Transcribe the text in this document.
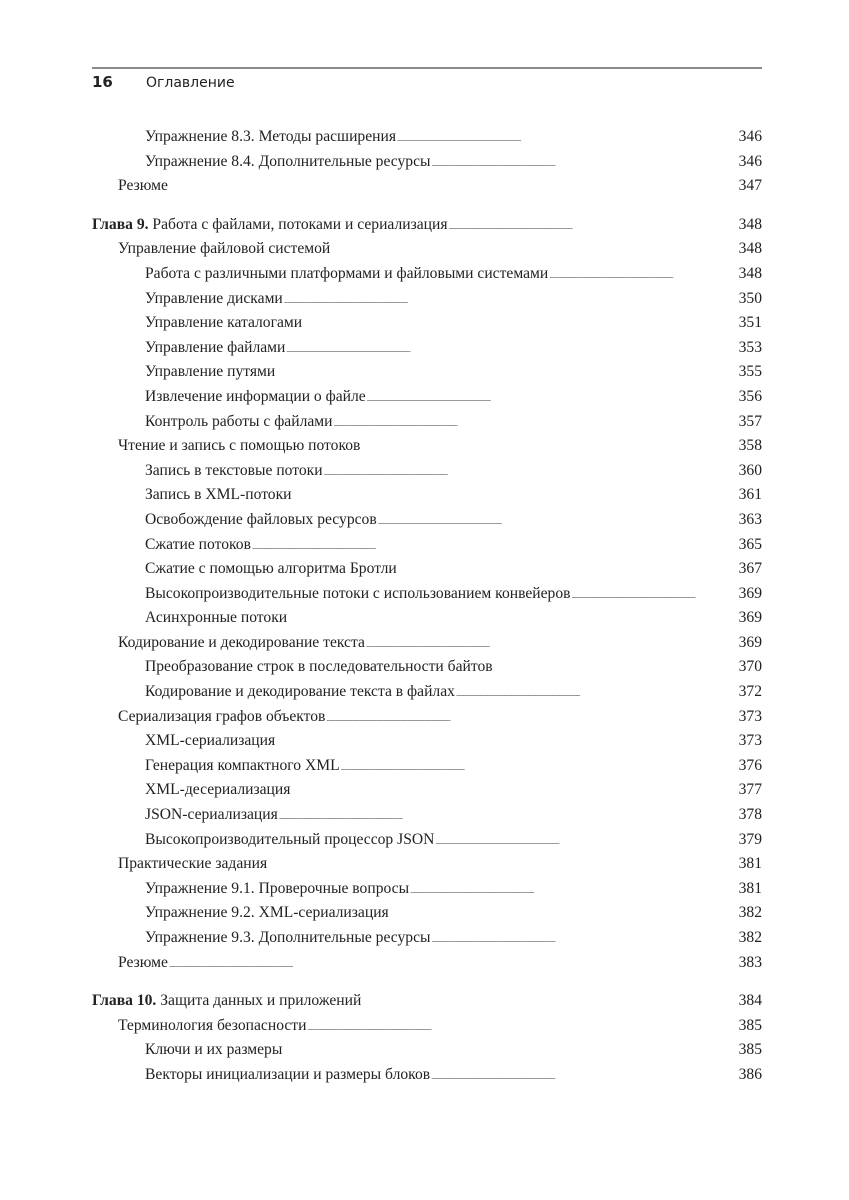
16	Оглавление
Упражнение 8.3. Методы расширения . . .	346
Упражнение 8.4. Дополнительные ресурсы . . .	346
Резюме . . .	347
Глава 9. Работа с файлами, потоками и сериализация . . .	348
Управление файловой системой . . .	348
Работа с различными платформами и файловыми системами . . .	348
Управление дисками . . .	350
Управление каталогами . . .	351
Управление файлами . . .	353
Управление путями . . .	355
Извлечение информации о файле . . .	356
Контроль работы с файлами . . .	357
Чтение и запись с помощью потоков . . .	358
Запись в текстовые потоки . . .	360
Запись в XML-потоки . . .	361
Освобождение файловых ресурсов . . .	363
Сжатие потоков . . .	365
Сжатие с помощью алгоритма Бротли . . .	367
Высокопроизводительные потоки с использованием конвейеров . . .	369
Асинхронные потоки . . .	369
Кодирование и декодирование текста . . .	369
Преобразование строк в последовательности байтов . . .	370
Кодирование и декодирование текста в файлах . . .	372
Сериализация графов объектов . . .	373
XML-сериализация . . .	373
Генерация компактного XML . . .	376
XML-десериализация . . .	377
JSON-сериализация . . .	378
Высокопроизводительный процессор JSON . . .	379
Практические задания . . .	381
Упражнение 9.1. Проверочные вопросы . . .	381
Упражнение 9.2. XML-сериализация . . .	382
Упражнение 9.3. Дополнительные ресурсы . . .	382
Резюме . . .	383
Глава 10. Защита данных и приложений . . .	384
Терминология безопасности . . .	385
Ключи и их размеры . . .	385
Векторы инициализации и размеры блоков . . .	386
